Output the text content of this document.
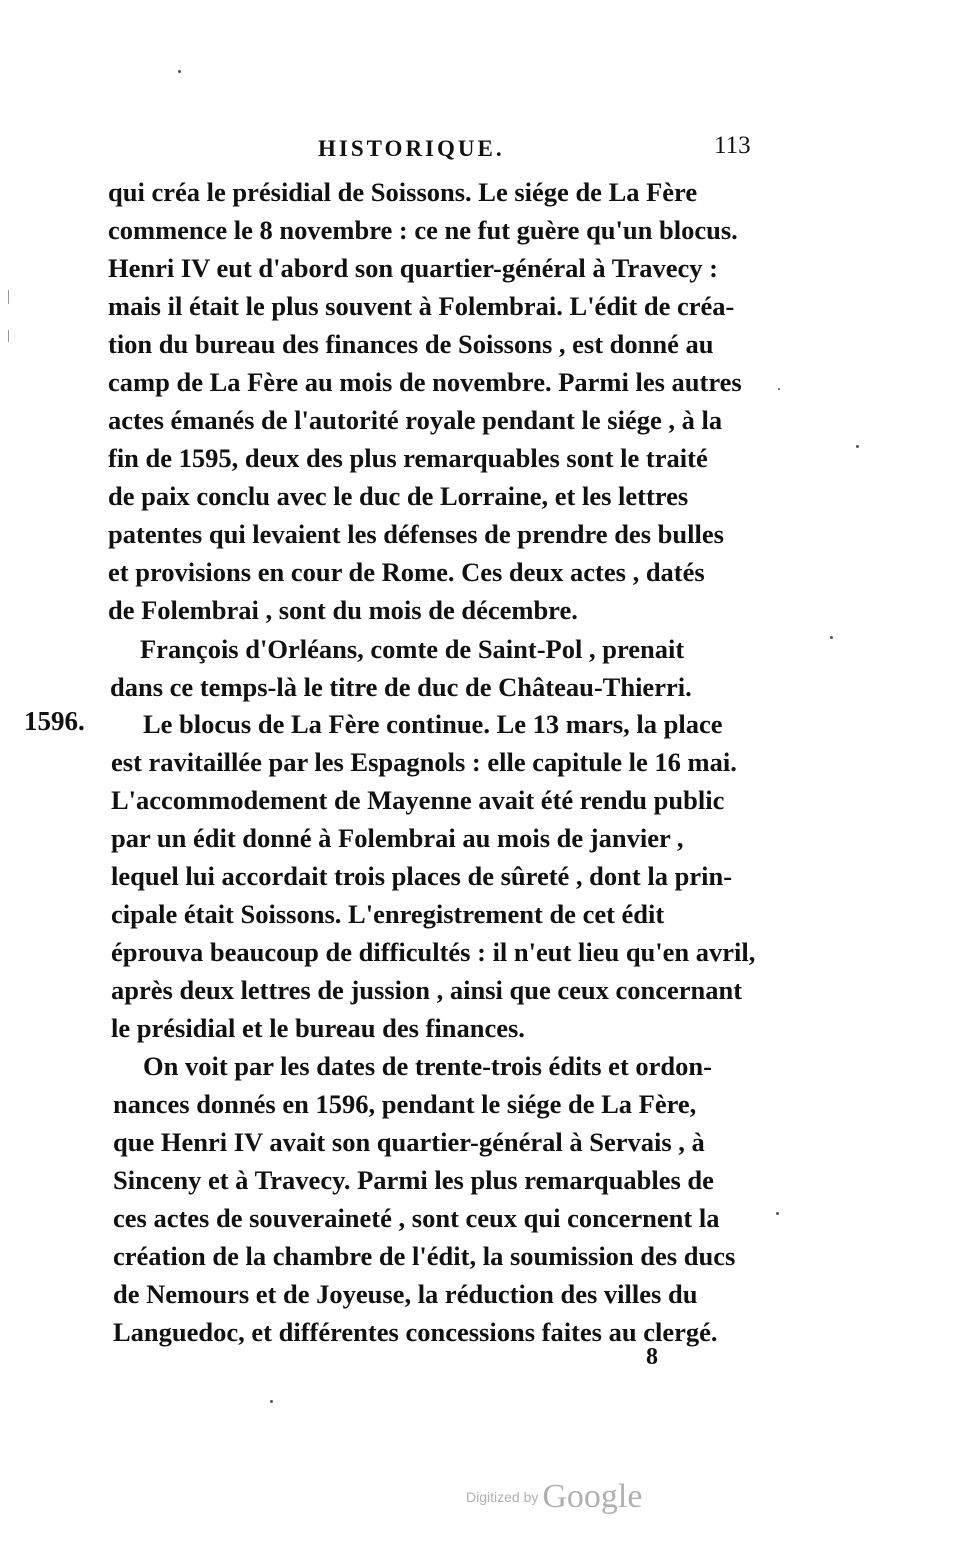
HISTORIQUE.	113
1596.
qui créa le présidial de Soissons. Le siége de La Fère
commence le 8 novembre : ce ne fut guère qu'un blocus.
Henri IV eut d'abord son quartier-général à Travecy :
mais il était le plus souvent à Folembrai. L'édit de créa-
tion du bureau des finances de Soissons , est donné au
camp de La Fère au mois de novembre. Parmi les autres
actes émanés de l'autorité royale pendant le siége , à la
fin de 1595, deux des plus remarquables sont le traité
de paix conclu avec le duc de Lorraine, et les lettres
patentes qui levaient les défenses de prendre des bulles
et provisions en cour de Rome. Ces deux actes , datés
de Folembrai , sont du mois de décembre.
François d'Orléans, comte de Saint-Pol , prenait
dans ce temps-là le titre de duc de Château-Thierri.
Le blocus de La Fère continue. Le 13 mars, la place
est ravitaillée par les Espagnols : elle capitule le 16 mai.
L'accommodement de Mayenne avait été rendu public
par un édit donné à Folembrai au mois de janvier ,
lequel lui accordait trois places de sûreté , dont la prin-
cipale était Soissons. L'enregistrement de cet édit
éprouva beaucoup de difficultés : il n'eut lieu qu'en avril,
après deux lettres de jussion , ainsi que ceux concernant
le présidial et le bureau des finances.
On voit par les dates de trente-trois édits et ordon-
nances donnés en 1596, pendant le siége de La Fère,
que Henri IV avait son quartier-général à Servais , à
Sinceny et à Travecy. Parmi les plus remarquables de
ces actes de souveraineté , sont ceux qui concernent la
création de la chambre de l'édit, la soumission des ducs
de Nemours et de Joyeuse, la réduction des villes du
Languedoc, et différentes concessions faites au clergé.
8
Digitized by Google
